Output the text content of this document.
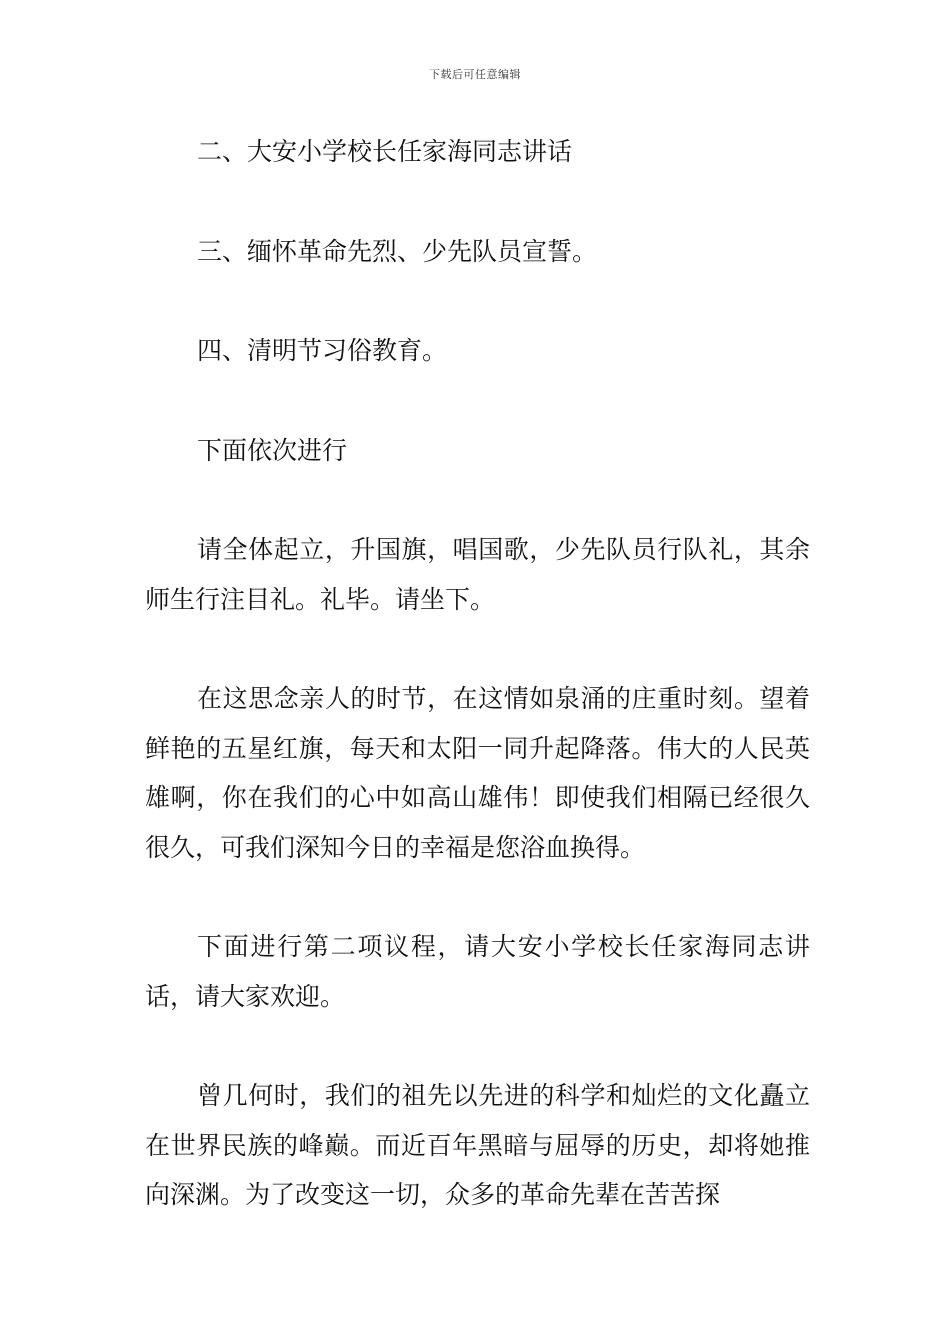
下载后可任意编辑

二、大安小学校长任家海同志讲话

三、缅怀革命先烈、少先队员宣誓。

四、清明节习俗教育。

下面依次进行

请全体起立，升国旗，唱国歌，少先队员行队礼，其余师生行注目礼。礼毕。请坐下。

在这思念亲人的时节，在这情如泉涌的庄重时刻。望着鲜艳的五星红旗，每天和太阳一同升起降落。伟大的人民英雄啊，你在我们的心中如高山雄伟！即使我们相隔已经很久很久，可我们深知今日的幸福是您浴血换得。

下面进行第二项议程，请大安小学校长任家海同志讲话，请大家欢迎。

曾几何时，我们的祖先以先进的科学和灿烂的文化矗立在世界民族的峰巅。而近百年黑暗与屈辱的历史，却将她推向深渊。为了改变这一切，众多的革命先辈在苦苦探
